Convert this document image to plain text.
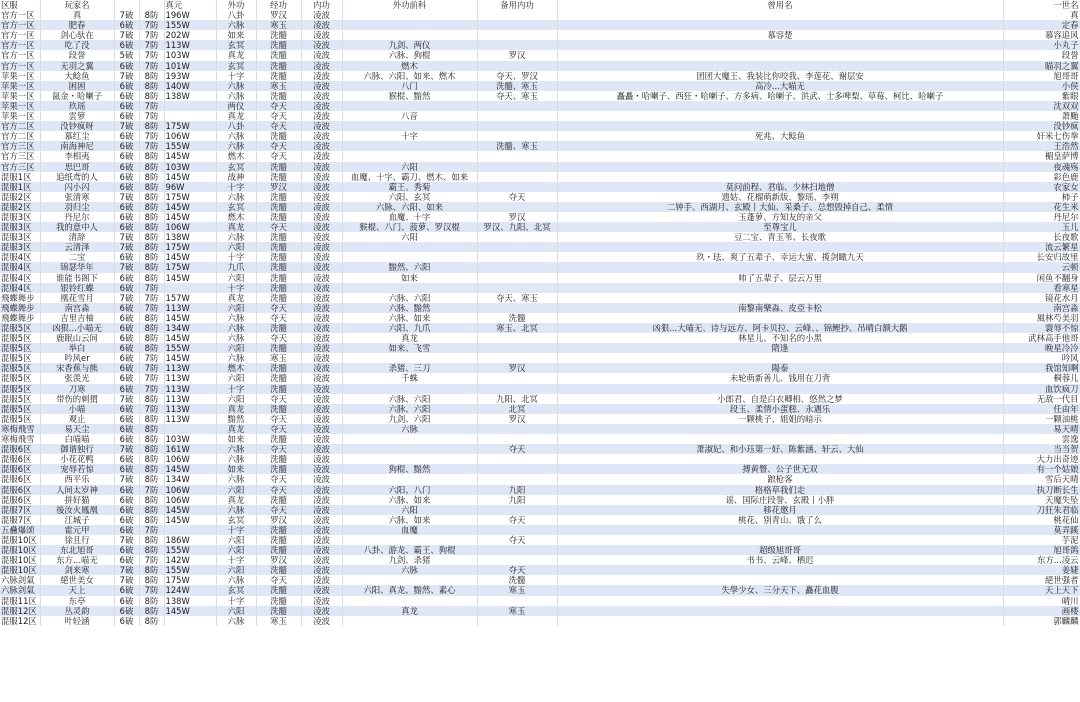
区服	玩家名			真元	外功	经功	内功	外功前科	备用内功	曾用名	一世名
官方一区	真	7破	8防	196W	八卦	罗汉	凌波				真
官方一区	肥春	6破	7防	155W	六脉	寒玉	凌波				定春
官方一区	剑心驮在	7破	7防	202W	如来	洗髓	凌波			慕容楚	慕容追风
官方一区	吃了没	6破	7防	113W	玄冥	洗髓	凌波	九剑、两仪			小丸子
官方一区	段誉	5破	7防	103W	真龙	洗髓	凌波	六脉、狗棍	罗汉		段誉
官方一区	无羽之翼	6破	7防	101W	玄冥	洗髓	凌波	燃木			瞄羽之翼
苹果一区	大鲶鱼	7破	8防	193W	十字	洗髓	凌波	六脉、六阳、如来、燃木	夺天、罗汉	团团大魔王、我装比你咬我、李莲花、谢层安	旭哥哥
苹果一区	困困	6破	8防	140W	六脉	寒玉	凌波	八门	洗髓、寒玉	高冷...大喵无	小侯
苹果一区	氤金・哈喇子	6破	8防	138W	六脉	洗髓	凌波	猴棍、黯然	夺天、寒玉	矗矗・哈喇子、西狂・哈喇子、方多病、哈喇子、洪武、士多啤梨、草莓、柯比、哈喇子	紫眼
苹果一区	玖瑶	6破	7防		两仪	夺天	凌波				沈双双
苹果一区	雲箩	6破	7防		真龙	夺天	凌波	八音			萧颱
官方二区	没钞疯呀	7破	8防	175W	八卦	夺天	凌波				没钞疯
官方二区	慕红尘	6破	7防	106W	六脉	洗髓	凌波	十字		死兆、大鲶鱼	奸米七伤拳
官方三区	南海神尼	6破	7防	155W	六脉	夺天	凌波		洗髓、寒玉		王浩然
官方三区	李相夷	6破	8防	145W	燃木	夺天	凌波				楣皇萨博
官方三区	思巴哥	6破	8防	103W	玄冥	洗髓	凌波	六阳			夜魂殇
混服1区	追纸鸢的人	6破	8防	145W	战神	洗髓	凌波	血魔、十字、霸刀、燃木、如来			彩色鹿
混服1区	闪小闪	6破	8防	96W	十字	罗汉	凌波	霸王、秀菊		莫问前程、君临、少林扫地僧	农家女
混服2区	张清寒	7破	8防	175W	六脉	洗髓	凌波	六阳、玄冥	夺天	遗姑、花榴萌新版、黎瑶、李朔	柿子
混服2区	羽归尘	6破	8防	145W	玄冥	洗髓	凌波	六脉、六阳、如来		二钟手、西湖月、玄殿丨大仙、采桑子、总想毁掉自己、柔情	花生米
混服3区	丹尼尔	6破	8防	145W	燃木	洗髓	凌波	血魔、十字	罗汉	玉蓬萝、方知友的亲父	丹尼尔
混服3区	我的意中人	6破	8防	106W	真龙	夺天	凌波	猴棍、八门、菠萝、罗汉棍	罗汉、九阳、北冥	至尊宝儿	玉儿
混服3区	清辞	7破	8防	138W	六脉	洗髓	凌波	六阳		豆二宝、青玉苇、长夜歌	长夜歌
混服3区	云清泽	7破	8防	175W	六阳	洗髓	凌波				流云繁星
混服4区	二宝	6破	8防	145W	十字	洗髓	凌波			玖・珐、爽了五辈子、幸运大蜜、揽剑瞰九天	长安归故里
混服4区	锦瑟华年	7破	8防	175W	九爪	洗髓	凌波	黯然、六阳			云顿
混服4区	谁能书阁下	6破	8防	145W	六阳	洗髓	凌波	如来		帅了五辈子、层云万里	闲鱼不翻身
混服4区	银铃红蝶	6破	7防		十字	洗髓	凌波				看寒星
飛蝶舞步	凰花雪月	7破	7防	157W	真龙	洗髓	凌波	六脉、六阳	夺天、寒玉		镜花水月
飛蝶舞步	南宫淼	6破	7防	113W	六阳	夺天	凌波	六脉、黯然		南黎南樂淼、皮亞卡松	南宫淼
飛蝶舞步	吉里吉柚	6破	8防	145W	六脉	夺天	凌波	六脉、如来	洗髓		風林芍美羽
混服5区	凶狠...小喵无	6破	8防	134W	六脉	洗髓	凌波	六阳、九爪	寒玉、北冥	凶狠...大喵无、诗与远方、阿卡贝拉、云峰、、锦鲤抄、吊晴白额大鹅	寰辱不惊
混服5区	鹿眠山云间	6破	8防	145W	六脉	夺天	凌波	真龙		林星儿、不知名的小黑	武林高手他哥
混服5区	举白	6破	8防	155W	六阳	洗髓	凌波	如来、飞雪		隋逢	晚星冷冷
混服5区	吟风er	6破	7防	145W	六脉	寒玉	凌波				吟风
混服5区	宋香蕉与熊	6破	7防	113W	燃木	洗髓	凌波	杀猪、三刀	罗汉	陽泰	我馆知啊
混服5区	张羡光	6破	7防	113W	六阳	洗髓	凌波	千蛛		未轮萌新善儿、钱用在刀背	桐蓉儿
混服5区	刀寒	6破	7防	113W	十字	洗髓	凌波				血饮疯刀
混服5区	带伤的刺猬	7破	8防	113W	六阳	夺天	凌波	六脉、六阳	九阳、北冥	小郎君、自是白衣卿相、悠然之梦	无敌一代目
混服5区	小喵	6破	7防	113W	真龙	洗髓	凌波	六脉、六阳	北冥	段玉、柔情小蛋糕、永遇乐	任由年
混服5区	观止	6破	8防	113W	黯然	夺天	凌波	九剑、六阳	罗汉	一颗桃子、姐姐的暗示	一颗油桃
寒梅飛雪	易天尘	6破	8防		真龙	夺天	凌波	六脉			易天晴
寒梅飛雪	白喵喵	6破	8防	103W	如来	洗髓	凌波				雲逸
混服6区	御谐独行	7破	8防	161W	六脉	夺天	凌波		夺天	萧淑妃、和小珏第一好、陈紫涵、轩云、大仙	当当贺
混服6区	小花花鸭	6破	8防	106W	六脉	洗髓	凌波				大力出奇迹
混服6区	宠辱若惊	6破	8防	145W	如来	洗髓	凌波	狗棍、黯然		搏黄瞥、公子世无双	有一个姑娘
混服6区	西平乐	7破	8防	134W	六脉	夺天	凌波			踉枪客	雪后天晴
混服6区	人间太岁神	6破	7防	106W	六阳	夺天	凌波	六阳、八门	九阳	格格草我们走	执刀断长生
混服6区	拼好猫	6破	8防	106W	真龙	洗髓	凌波	六脉、如来	九阳	谣、国际庄段誉、玄殿丨小胖	天魔失坠
混服7区	後汝火鳳凰	6破	8防	145W	六脉	夺天	凌波	六阳		移花邀月	刀狂朱君临
混服7区	江城子	6破	8防	145W	玄冥	罗汉	凌波	六脉、如来	夺天	桃花、别青山、饿了么	桃花仙
五蠱爆颂	霍元甲	6破	7防		十字	洗髓	凌波	血魔			莫弄蹊
混服10区	徐且行	7破	8防	186W	六阳	洗髓	凌波		夺天		芋泥
混服10区	东北旭哥	6破	8防	155W	六阳	洗髓	凌波	八卦、游龙、霸王、狗棍		超级旭哥哥	旭哥鸽
混服10区	东方...喵无	6破	7防	142W	十字	罗汉	凌波	九剑、杀猪		书书、云峰、栖迟	东方...凌云
混服10区	剑来寒	7破	8防	155W	六阳	洗髓	凌波	六脉	夺天		姜婕
六脉剑氣	絕世美女	7破	8防	175W	六脉	夺天	凌波		洗髓		絕世强者
六脉剑氣	天上	6破	7防	124W	玄冥	洗髓	凌波	六阳、真龙、黯然、素心	寒玉	失學少女、三分天下、矗花血腹	天上天下
混服11区	东亭	6破	8防	138W	十字	洗髓	凌波				晴川
混服12区	丛灵韵	6破	8防	145W	六阳	洗髓	凌波	真龙	寒玉		画楼
混服12区	叶轻涵	6破	8防		六脉	寒玉	凌波				郭麟麟
